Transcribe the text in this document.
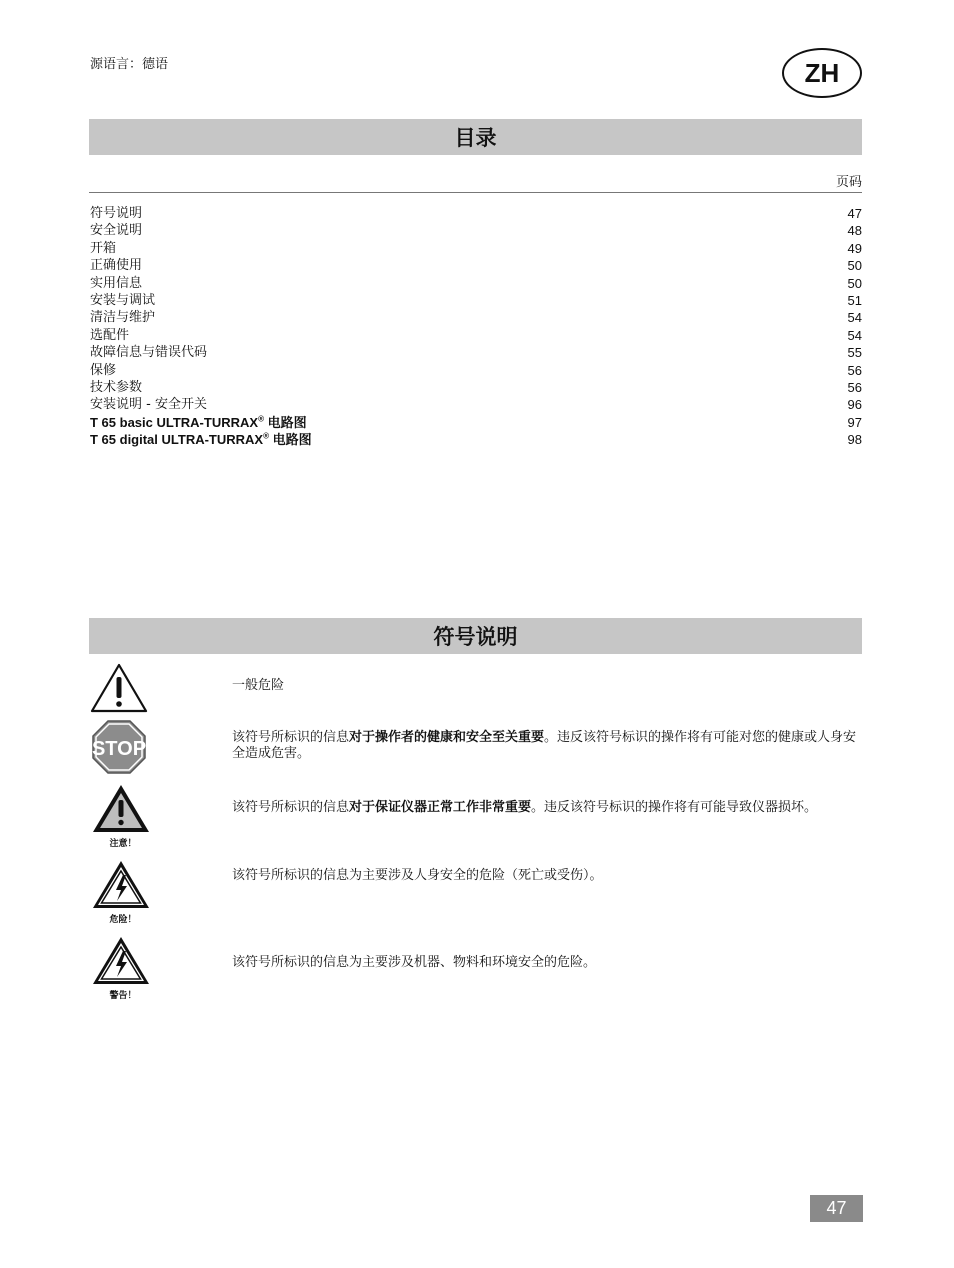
源语言：德语	ZH
目录
页码
符号说明	47
安全说明	48
开箱	49
正确使用	50
实用信息	50
安装与调试	51
清洁与维护	54
选配件	54
故障信息与错误代码	55
保修	56
技术参数	56
安装说明 - 安全开关	96
T 65 basic ULTRA-TURRAX® 电路图	97
T 65 digital ULTRA-TURRAX® 电路图	98
符号说明
一般危险
STOP
该符号所标识的信息对于操作者的健康和安全至关重要。违反该符号标识的操作将有可能对您的健康或人身安全造成危害。
注意！
该符号所标识的信息对于保证仪器正常工作非常重要。违反该符号标识的操作将有可能导致仪器损坏。
危险！
该符号所标识的信息为主要涉及人身安全的危险（死亡或受伤）。
警告！
该符号所标识的信息为主要涉及机器、物料和环境安全的危险。
47
